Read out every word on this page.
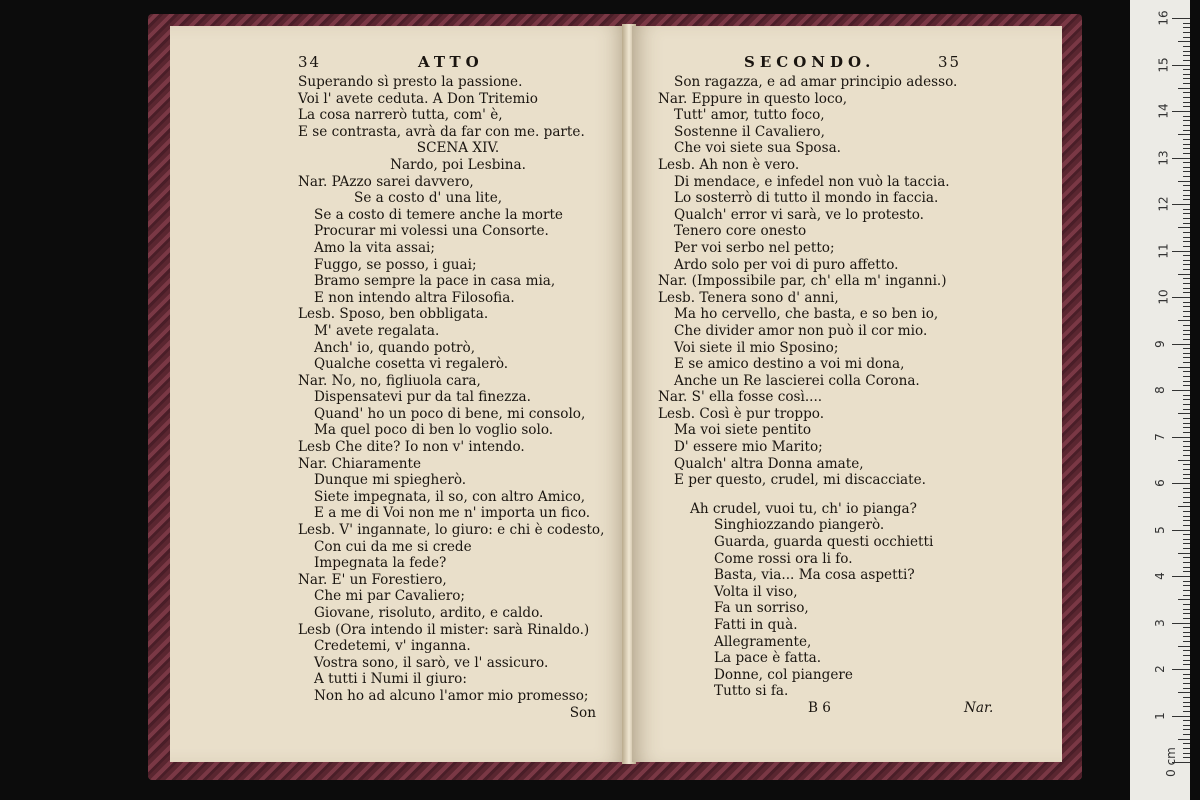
34	ATTO
Superando sì presto la passione.
Voi l' avete ceduta. A Don Tritemio
La cosa narrerò tutta, com' è,
E se contrasta, avrà da far con me. parte.
SCENA XIV.
Nardo, poi Lesbina.
Nar. PAzzo sarei davvero,
Se a costo d' una lite,
Se a costo di temere anche la morte
Procurar mi volessi una Consorte.
Amo la vita assai;
Fuggo, se posso, i guai;
Bramo sempre la pace in casa mia,
E non intendo altra Filosofia.
Lesb. Sposo, ben obbligata.
M' avete regalata.
Anch' io, quando potrò,
Qualche cosetta vi regalerò.
Nar. No, no, figliuola cara,
Dispensatevi pur da tal finezza.
Quand' ho un poco di bene, mi consolo,
Ma quel poco di ben lo voglio solo.
Lesb Che dite? Io non v' intendo.
Nar. Chiaramente
Dunque mi spiegherò.
Siete impegnata, il so, con altro Amico,
E a me di Voi non me n' importa un fico.
Lesb. V' ingannate, lo giuro: e chi è codesto,
Con cui da me si crede
Impegnata la fede?
Nar. E' un Forestiero,
Che mi par Cavaliero;
Giovane, risoluto, ardito, e caldo.
Lesb (Ora intendo il mister: sarà Rinaldo.)
Credetemi, v' inganna.
Vostra sono, il sarò, ve l' assicuro.
A tutti i Numi il giuro:
Non ho ad alcuno l'amor mio promesso;
Son
SECONDO.	35
Son ragazza, e ad amar principio adesso.
Nar. Eppure in questo loco,
Tutt' amor, tutto foco,
Sostenne il Cavaliero,
Che voi siete sua Sposa.
Lesb. Ah non è vero.
Di mendace, e infedel non vuò la taccia.
Lo sosterrò di tutto il mondo in faccia.
Qualch' error vi sarà, ve lo protesto.
Tenero core onesto
Per voi serbo nel petto;
Ardo solo per voi di puro affetto.
Nar. (Impossibile par, ch' ella m' inganni.)
Lesb. Tenera sono d' anni,
Ma ho cervello, che basta, e so ben io,
Che divider amor non può il cor mio.
Voi siete il mio Sposino;
E se amico destino a voi mi dona,
Anche un Re lascierei colla Corona.
Nar. S' ella fosse così....
Lesb. Così è pur troppo.
Ma voi siete pentito
D' essere mio Marito;
Qualch' altra Donna amate,
E per questo, crudel, mi discacciate.
Ah crudel, vuoi tu, ch' io pianga?
Singhiozzando piangerò.
Guarda, guarda questi occhietti
Come rossi ora li fo.
Basta, via... Ma cosa aspetti?
Volta il viso,
Fa un sorriso,
Fatti in quà.
Allegramente,
La pace è fatta.
Donne, col piangere
Tutto si fa.
B 6	Nar.
16
15
14
13
12
11
10
9
8
7
6
5
4
3
2
1
0 cm
